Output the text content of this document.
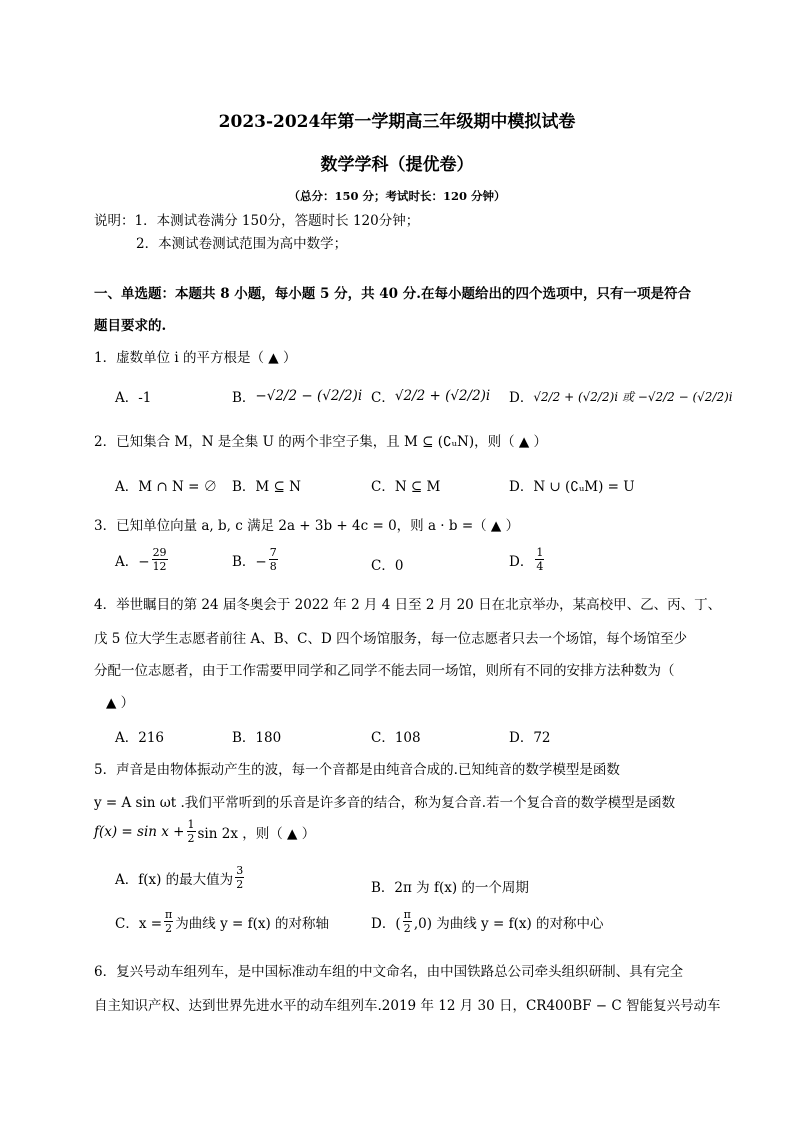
2023-2024年第一学期高三年级期中模拟试卷
数学学科（提优卷）
（总分：150 分；考试时长：120 分钟）
说明：1．本测试卷满分 150分，答题时长 120分钟；
2．本测试卷测试范围为高中数学；
一、单选题：本题共 8 小题，每小题 5 分，共 40 分.在每小题给出的四个选项中，只有一项是符合
题目要求的.
1．虚数单位 i 的平方根是（ ▲ ）
A．-1	B． −√2/2 − (√2/2)i C． √2/2 + (√2/2)i D． √2/2 + (√2/2)i 或 −√2/2 − (√2/2)i
2．已知集合 M，N 是全集 U 的两个非空子集，且 M ⊆ (∁ᵤN)，则（ ▲ ）
A．M ∩ N = ∅ B．M ⊆ N	C．N ⊆ M	D．N ∪ (∁ᵤM) = U
3．已知单位向量 a, b, c 满足 2a + 3b + 4c = 0，则 a · b =（ ▲ ）
A．− $\frac{29}{12}$	B．− $\frac{7}{8}$	C．0	D． $\frac{1}{4}$
4．举世瞩目的第 24 届冬奥会于 2022 年 2 月 4 日至 2 月 20 日在北京举办，某高校甲、乙、丙、丁、
戊 5 位大学生志愿者前往 A、B、C、D 四个场馆服务，每一位志愿者只去一个场馆，每个场馆至少
分配一位志愿者，由于工作需要甲同学和乙同学不能去同一场馆，则所有不同的安排方法种数为（
▲ ）
A．216	B．180	C．108	D．72
5．声音是由物体振动产生的波，每一个音都是由纯音合成的.已知纯音的数学模型是函数
y = A sin ωt .我们平常听到的乐音是许多音的结合，称为复合音.若一个复合音的数学模型是函数
$f(x) = \sin x + \frac{1}{2}$ sin 2x ，则（ ▲ ）
A．f(x) 的最大值为 $\frac{3}{2}$	B．2π 为 f(x) 的一个周期
C．$x = \frac{\pi}{2}$ 为曲线 y = f(x) 的对称轴	D．( $\frac{\pi}{2} ,0$) 为曲线 y = f(x) 的对称中心
6．复兴号动车组列车，是中国标准动车组的中文命名，由中国铁路总公司牵头组织研制、具有完全
自主知识产权、达到世界先进水平的动车组列车.2019 年 12 月 30 日，CR400BF − C 智能复兴号动车
